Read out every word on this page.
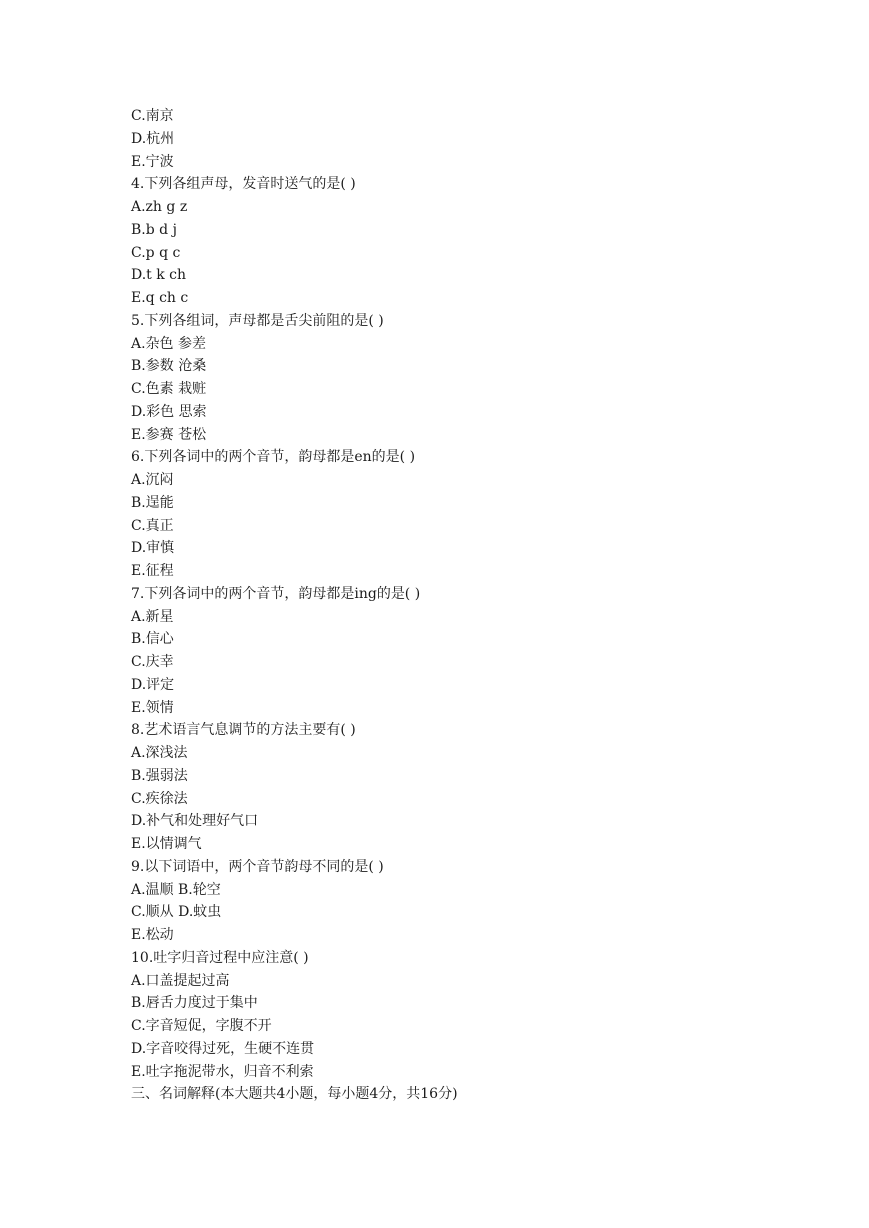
C.南京
D.杭州
E.宁波
4.下列各组声母，发音时送气的是( )
A.zh g z
B.b d j
C.p q c
D.t k ch
E.q ch c
5.下列各组词，声母都是舌尖前阻的是( )
A.杂色 参差
B.参数 沧桑
C.色素 栽赃
D.彩色 思索
E.参赛 苍松
6.下列各词中的两个音节，韵母都是en的是( )
A.沉闷
B.逞能
C.真正
D.审慎
E.征程
7.下列各词中的两个音节，韵母都是ing的是( )
A.新星
B.信心
C.庆幸
D.评定
E.领情
8.艺术语言气息调节的方法主要有( )
A.深浅法
B.强弱法
C.疾徐法
D.补气和处理好气口
E.以情调气
9.以下词语中，两个音节韵母不同的是( )
A.温顺 B.轮空
C.顺从 D.蚊虫
E.松动
10.吐字归音过程中应注意( )
A.口盖提起过高
B.唇舌力度过于集中
C.字音短促，字腹不开
D.字音咬得过死，生硬不连贯
E.吐字拖泥带水，归音不利索
三、名词解释(本大题共4小题，每小题4分，共16分)
